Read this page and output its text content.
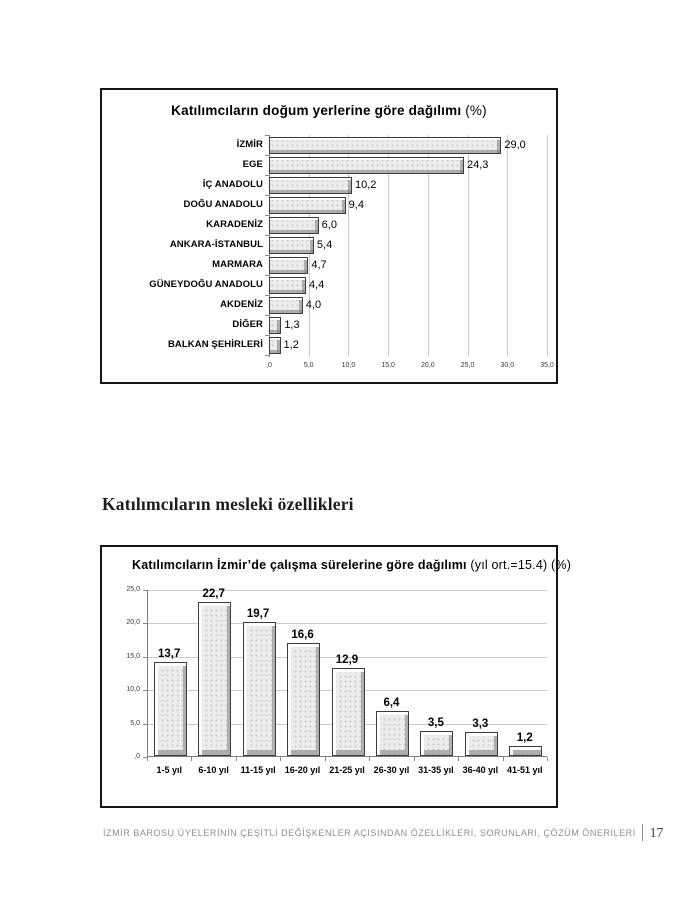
Katılımcıların doğum yerlerine göre dağılımı (%)
29,0
24,3
10,2
9,4
6,0
5,4
4,7
4,4
4,0
1,3
1,2
,0	5,0	10,0	15,0	20,0	25,0	30,0	35,0
İZMİR
EGE
İÇ ANADOLU
DOĞU ANADOLU
KARADENİZ
ANKARA-İSTANBUL
MARMARA
GÜNEYDOĞU ANADOLU
AKDENİZ
DİĞER
BALKAN ŞEHİRLERİ
Katılımcıların mesleki özellikleri
Katılımcıların İzmir’de çalışma sürelerine göre dağılımı (yıl ort.=15.4) (%)
13,7
22,7
19,7
16,6
12,9
6,4
3,5	3,3
1,2
25,0
20,0
15,0
10,0
5,0
,0
1-5 yıl	6-10 yıl	11-15 yıl	16-20 yıl 21-25 yıl 26-30 yıl 31-35 yıl 36-40 yıl 41-51 yıl
İZMİR BAROSU ÜYELERİNİN ÇEŞİTLİ DEĞİŞKENLER AÇISINDAN ÖZELLİKLERİ, SORUNLARI, ÇÖZÜM ÖNERİLERİ 17
